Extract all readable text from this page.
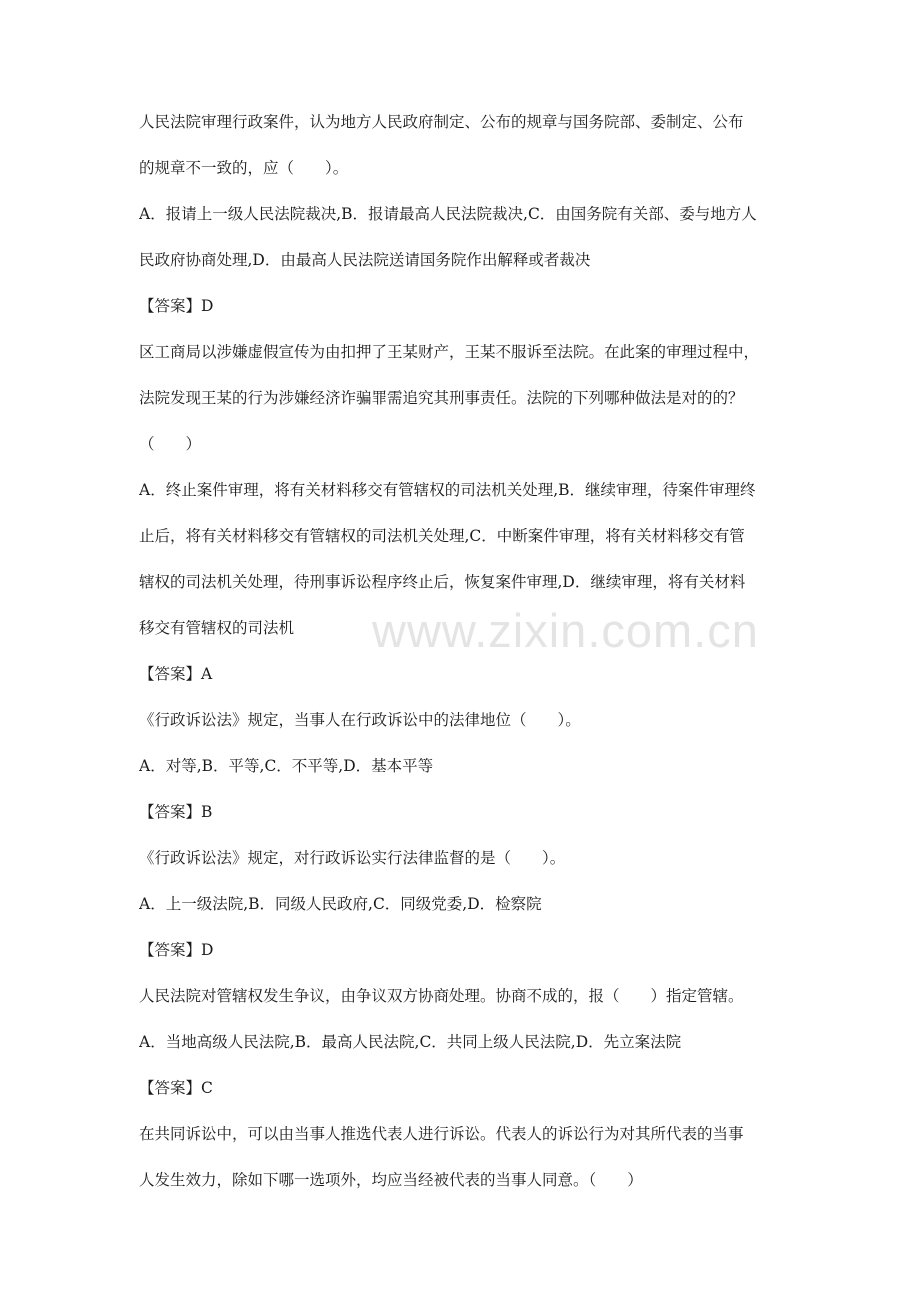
人民法院审理行政案件，认为地方人民政府制定、公布的规章与国务院部、委制定、公布
的规章不一致的，应（　　）。
A．报请上一级人民法院裁决,B．报请最高人民法院裁决,C．由国务院有关部、委与地方人
民政府协商处理,D．由最高人民法院送请国务院作出解释或者裁决
【答案】D
区工商局以涉嫌虚假宣传为由扣押了王某财产，王某不服诉至法院。在此案的审理过程中，
法院发现王某的行为涉嫌经济诈骗罪需追究其刑事责任。法院的下列哪种做法是对的的？
（　　）
A．终止案件审理，将有关材料移交有管辖权的司法机关处理,B．继续审理，待案件审理终
止后，将有关材料移交有管辖权的司法机关处理,C．中断案件审理，将有关材料移交有管
辖权的司法机关处理，待刑事诉讼程序终止后，恢复案件审理,D．继续审理，将有关材料
移交有管辖权的司法机
【答案】A
《行政诉讼法》规定，当事人在行政诉讼中的法律地位（　　）。
A．对等,B．平等,C．不平等,D．基本平等
【答案】B
《行政诉讼法》规定，对行政诉讼实行法律监督的是（　　）。
A．上一级法院,B．同级人民政府,C．同级党委,D．检察院
【答案】D
人民法院对管辖权发生争议，由争议双方协商处理。协商不成的，报（　　）指定管辖。
A．当地高级人民法院,B．最高人民法院,C．共同上级人民法院,D．先立案法院
【答案】C
在共同诉讼中，可以由当事人推选代表人进行诉讼。代表人的诉讼行为对其所代表的当事
人发生效力，除如下哪一选项外，均应当经被代表的当事人同意。（　　）
www.zixin.com.cn
